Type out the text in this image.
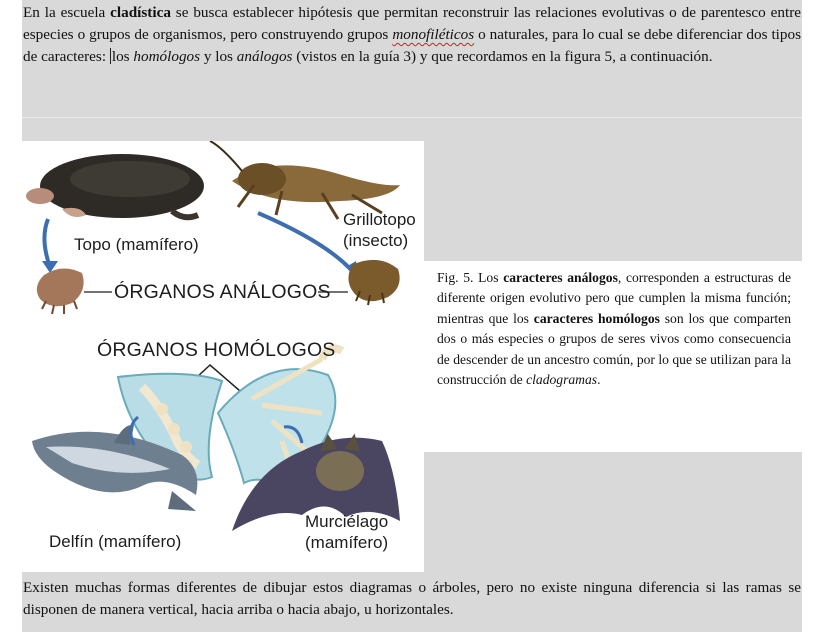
En la escuela cladística se busca establecer hipótesis que permitan reconstruir las relaciones evolutivas o de parentesco entre especies o grupos de organismos, pero construyendo grupos monofiléticos o naturales, para lo cual se debe diferenciar dos tipos de caracteres: los homólogos y los análogos (vistos en la guía 3) y que recordamos en la figura 5, a continuación.
Topo (mamífero)
Grillotopo
(insecto)
ÓRGANOS ANÁLOGOS
ÓRGANOS HOMÓLOGOS
Delfín (mamífero)
Murciélago
(mamífero)
Fig. 5. Los caracteres análogos, corresponden a estructuras de diferente origen evolutivo pero que cumplen la misma función; mientras que los caracteres homólogos son los que comparten dos o más especies o grupos de seres vivos como consecuencia de descender de un ancestro común, por lo que se utilizan para la construcción de cladogramas.
Existen muchas formas diferentes de dibujar estos diagramas o árboles, pero no existe ninguna diferencia si las ramas se disponen de manera vertical, hacia arriba o hacia abajo, u horizontales.
